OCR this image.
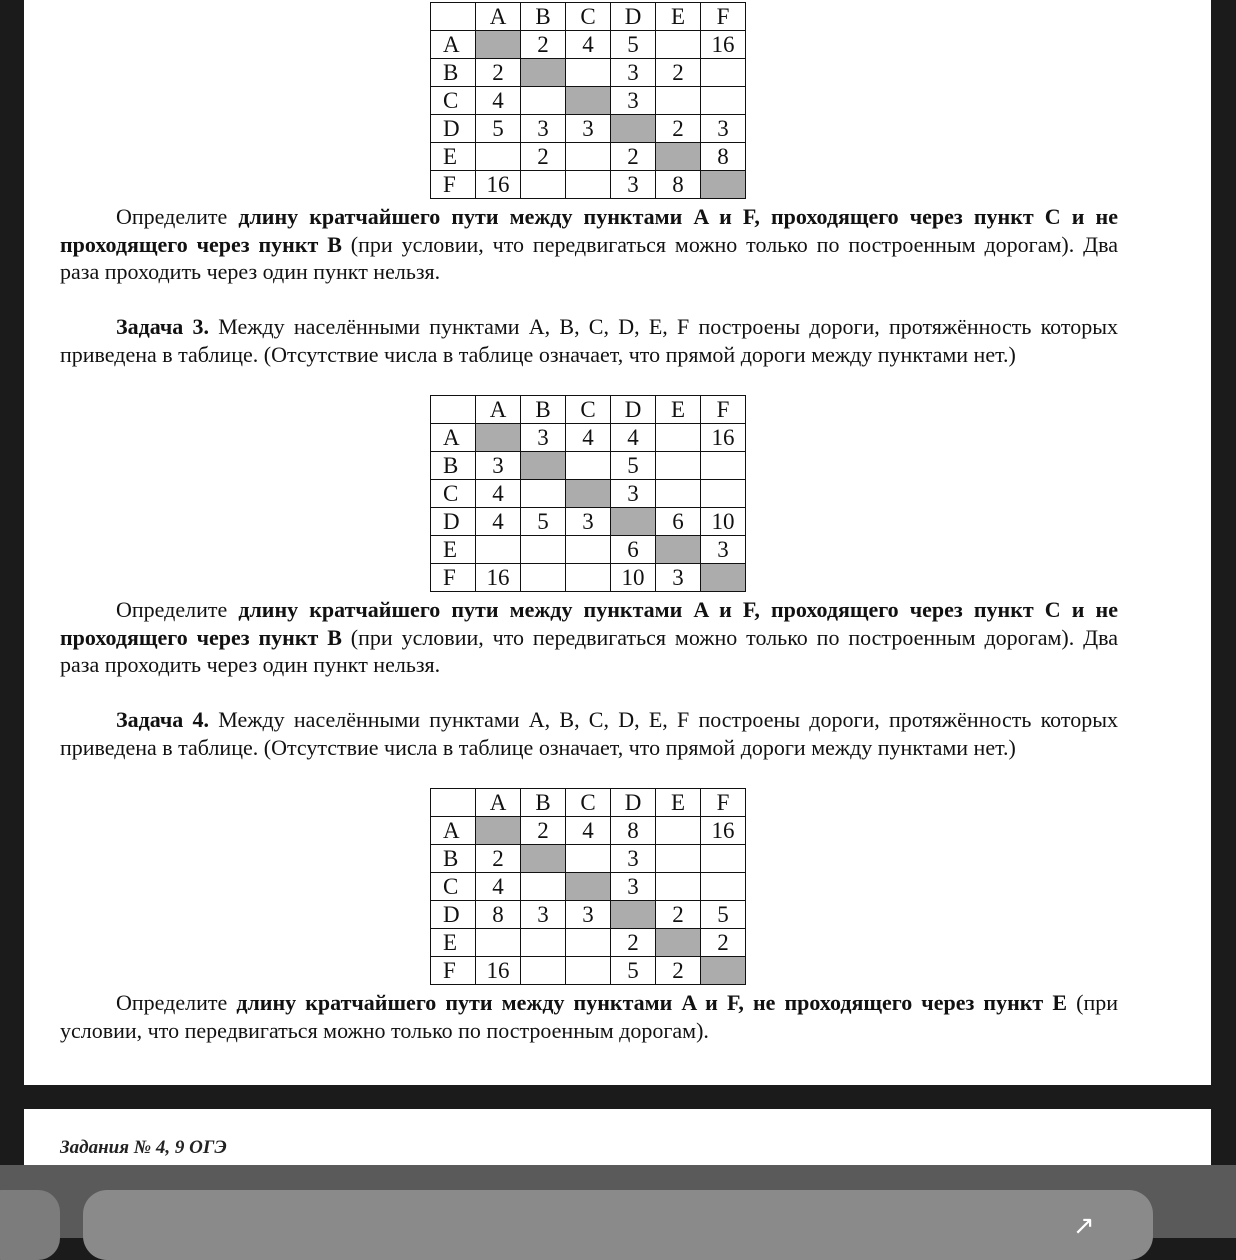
	A	B	C	D	E	F
A		2	4	5		16
B	2			3	2	
C	4			3		
D	5	3	3		2	3
E		2		2		8
F	16			3	8	

Определите длину кратчайшего пути между пунктами A и F, проходящего через пункт C и не проходящего через пункт B (при условии, что передвигаться можно только по построенным дорогам). Два раза проходить через один пункт нельзя.

Задача 3. Между населёнными пунктами A, B, C, D, E, F построены дороги, протяжённость которых приведена в таблице. (Отсутствие числа в таблице означает, что прямой дороги между пунктами нет.)

	A	B	C	D	E	F
A		3	4	4		16
B	3			5		
C	4			3		
D	4	5	3		6	10
E				6		3
F	16			10	3	

Определите длину кратчайшего пути между пунктами A и F, проходящего через пункт C и не проходящего через пункт B (при условии, что передвигаться можно только по построенным дорогам). Два раза проходить через один пункт нельзя.

Задача 4. Между населёнными пунктами A, B, C, D, E, F построены дороги, протяжённость которых приведена в таблице. (Отсутствие числа в таблице означает, что прямой дороги между пунктами нет.)

	A	B	C	D	E	F
A		2	4	8		16
B	2			3		
C	4			3		
D	8	3	3		2	5
E				2		2
F	16			5	2	

Определите длину кратчайшего пути между пунктами A и F, не проходящего через пункт E (при условии, что передвигаться можно только по построенным дорогам).

Задания № 4, 9 ОГЭ

↗
